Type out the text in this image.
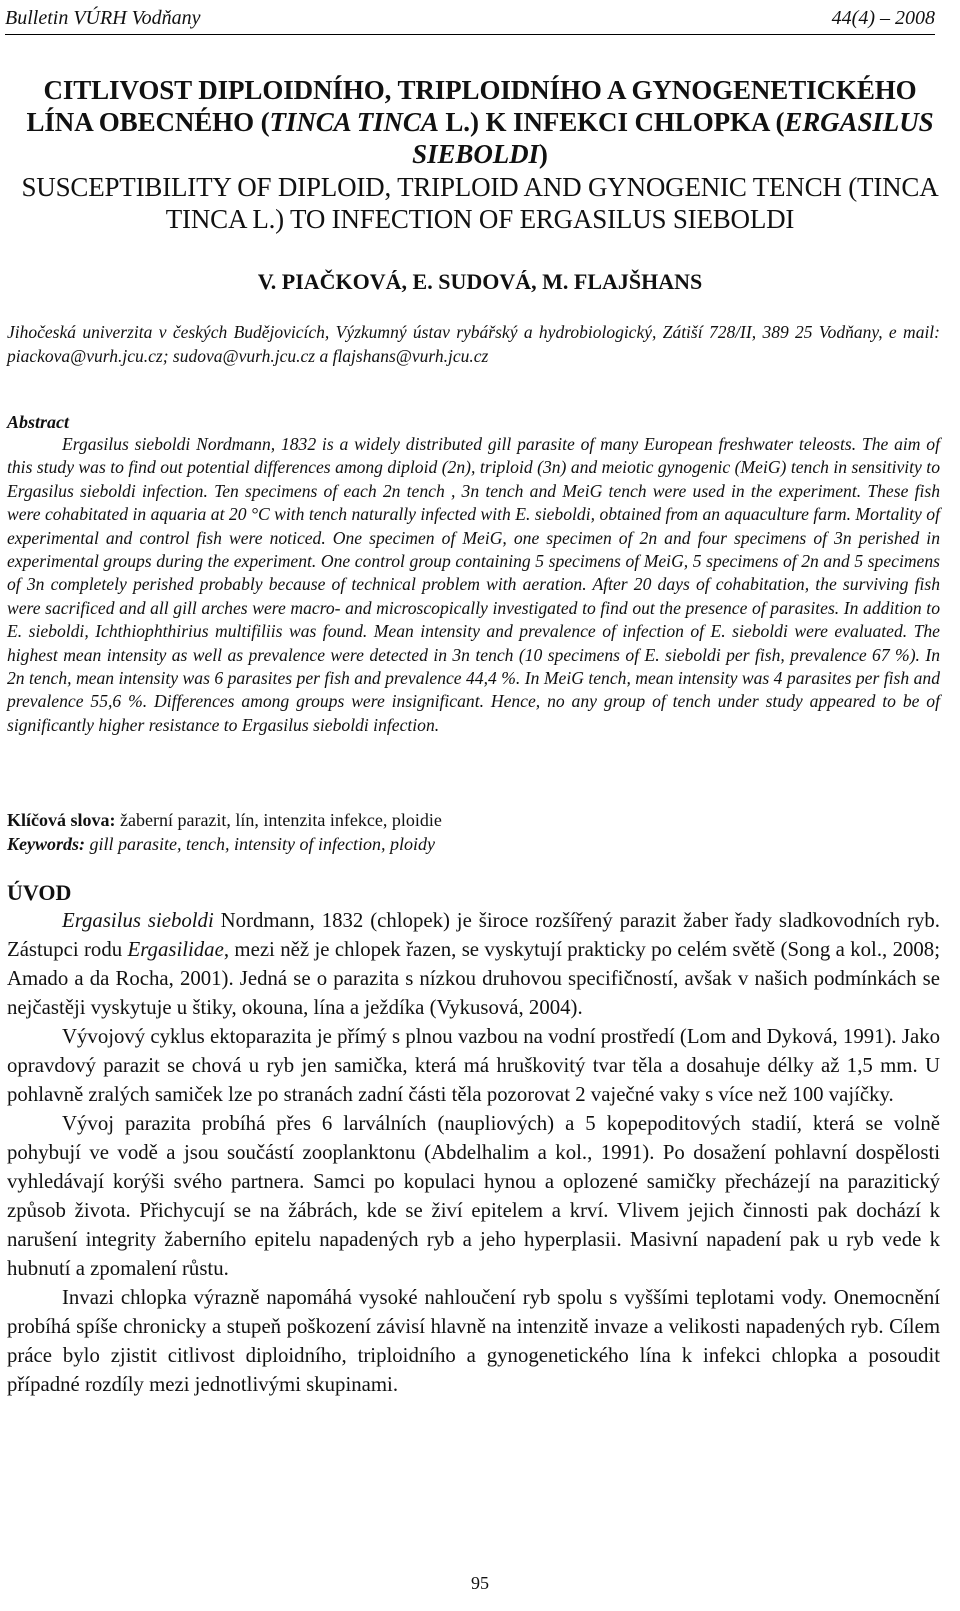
Bulletin VÚRH Vodňany	44(4) – 2008
CITLIVOST DIPLOIDNÍHO, TRIPLOIDNÍHO A GYNOGENETICKÉHO LÍNA OBECNÉHO (TINCA TINCA L.) K INFEKCI CHLOPKA (ERGASILUS SIEBOLDI)
SUSCEPTIBILITY OF DIPLOID, TRIPLOID AND GYNOGENIC TENCH (TINCA TINCA L.) TO INFECTION OF ERGASILUS SIEBOLDI
V. PIAČKOVÁ, E. SUDOVÁ, M. FLAJŠHANS
Jihočeská univerzita v českých Budějovicích, Výzkumný ústav rybářský a hydrobiologický, Zátiší 728/II, 389 25 Vodňany, e mail: piackova@vurh.jcu.cz; sudova@vurh.jcu.cz a flajshans@vurh.jcu.cz
Abstract
Ergasilus sieboldi Nordmann, 1832 is a widely distributed gill parasite of many European freshwater teleosts. The aim of this study was to find out potential differences among diploid (2n), triploid (3n) and meiotic gynogenic (MeiG) tench in sensitivity to Ergasilus sieboldi infection. Ten specimens of each 2n tench , 3n tench and MeiG tench were used in the experiment. These fish were cohabitated in aquaria at 20 °C with tench naturally infected with E. sieboldi, obtained from an aquaculture farm. Mortality of experimental and control fish were noticed. One specimen of MeiG, one specimen of 2n and four specimens of 3n perished in experimental groups during the experiment. One control group containing 5 specimens of MeiG, 5 specimens of 2n and 5 specimens of 3n completely perished probably because of technical problem with aeration. After 20 days of cohabitation, the surviving fish were sacrificed and all gill arches were macro- and microscopically investigated to find out the presence of parasites. In addition to E. sieboldi, Ichthiophthirius multifiliis was found. Mean intensity and prevalence of infection of E. sieboldi were evaluated. The highest mean intensity as well as prevalence were detected in 3n tench (10 specimens of E. sieboldi per fish, prevalence 67 %). In 2n tench, mean intensity was 6 parasites per fish and prevalence 44,4 %. In MeiG tench, mean intensity was 4 parasites per fish and prevalence 55,6 %. Differences among groups were insignificant. Hence, no any group of tench under study appeared to be of significantly higher resistance to Ergasilus sieboldi infection.
Klíčová slova: žaberní parazit, lín, intenzita infekce, ploidie
Keywords: gill parasite, tench, intensity of infection, ploidy
ÚVOD

Ergasilus sieboldi Nordmann, 1832 (chlopek) je široce rozšířený parazit žaber řady sladkovodních ryb. Zástupci rodu Ergasilidae, mezi něž je chlopek řazen, se vyskytují prakticky po celém světě (Song a kol., 2008; Amado a da Rocha, 2001). Jedná se o parazita s nízkou druhovou specifičností, avšak v našich podmínkách se nejčastěji vyskytuje u štiky, okouna, lína a ježdíka (Vykusová, 2004).

Vývojový cyklus ektoparazita je přímý s plnou vazbou na vodní prostředí (Lom and Dyková, 1991). Jako opravdový parazit se chová u ryb jen samička, která má hruškovitý tvar těla a dosahuje délky až 1,5 mm. U pohlavně zralých samiček lze po stranách zadní části těla pozorovat 2 vaječné vaky s více než 100 vajíčky.

Vývoj parazita probíhá přes 6 larválních (naupliových) a 5 kopepoditových stadií, která se volně pohybují ve vodě a jsou součástí zooplanktonu (Abdelhalim a kol., 1991). Po dosažení pohlavní dospělosti vyhledávají korýši svého partnera. Samci po kopulaci hynou a oplozené samičky přecházejí na parazitický způsob života. Přichycují se na žábrách, kde se živí epitelem a krví. Vlivem jejich činnosti pak dochází k narušení integrity žaberního epitelu napadených ryb a jeho hyperplasii. Masivní napadení pak u ryb vede k hubnutí a zpomalení růstu.

Invazi chlopka výrazně napomáhá vysoké nahloučení ryb spolu s vyššími teplotami vody. Onemocnění probíhá spíše chronicky a stupeň poškození závisí hlavně na intenzitě invaze a velikosti napadených ryb. Cílem práce bylo zjistit citlivost diploidního, triploidního a gynogenetického lína k infekci chlopka a posoudit případné rozdíly mezi jednotlivými skupinami.

95
